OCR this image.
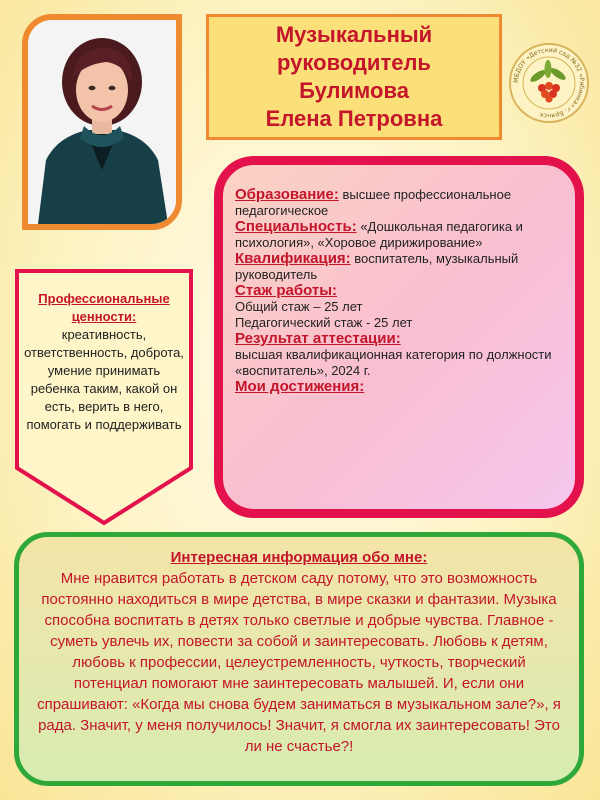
Музыкальный
руководитель
Булимова
Елена Петровна
МБДОУ «Детский сад №32 «Рябинка» г. Брянск
Профессиональные ценности:
креативность, ответственность, доброта, умение принимать ребенка таким, какой он есть, верить в него, помогать и поддерживать

Образование: высшее профессиональное педагогическое

Специальность: «Дошкольная педагогика и психология», «Хоровое дирижирование»

Квалификация: воспитатель, музыкальный руководитель

Стаж работы:
Общий стаж – 25 лет
Педагогический стаж - 25 лет

Результат аттестации:
высшая квалификационная категория по должности «воспитатель», 2024 г.

Мои достижения:

Интересная информация обо мне:
Мне нравится работать в детском саду потому, что это возможность постоянно находиться в мире детства, в мире сказки и фантазии. Музыка способна воспитать в детях только светлые и добрые чувства. Главное - суметь увлечь их, повести за собой и заинтересовать. Любовь к детям, любовь к профессии, целеустремленность, чуткость, творческий потенциал помогают мне заинтересовать малышей. И, если они спрашивают: «Когда мы снова будем заниматься в музыкальном зале?», я рада. Значит, у меня получилось! Значит, я смогла их заинтересовать! Это ли не счастье?!
